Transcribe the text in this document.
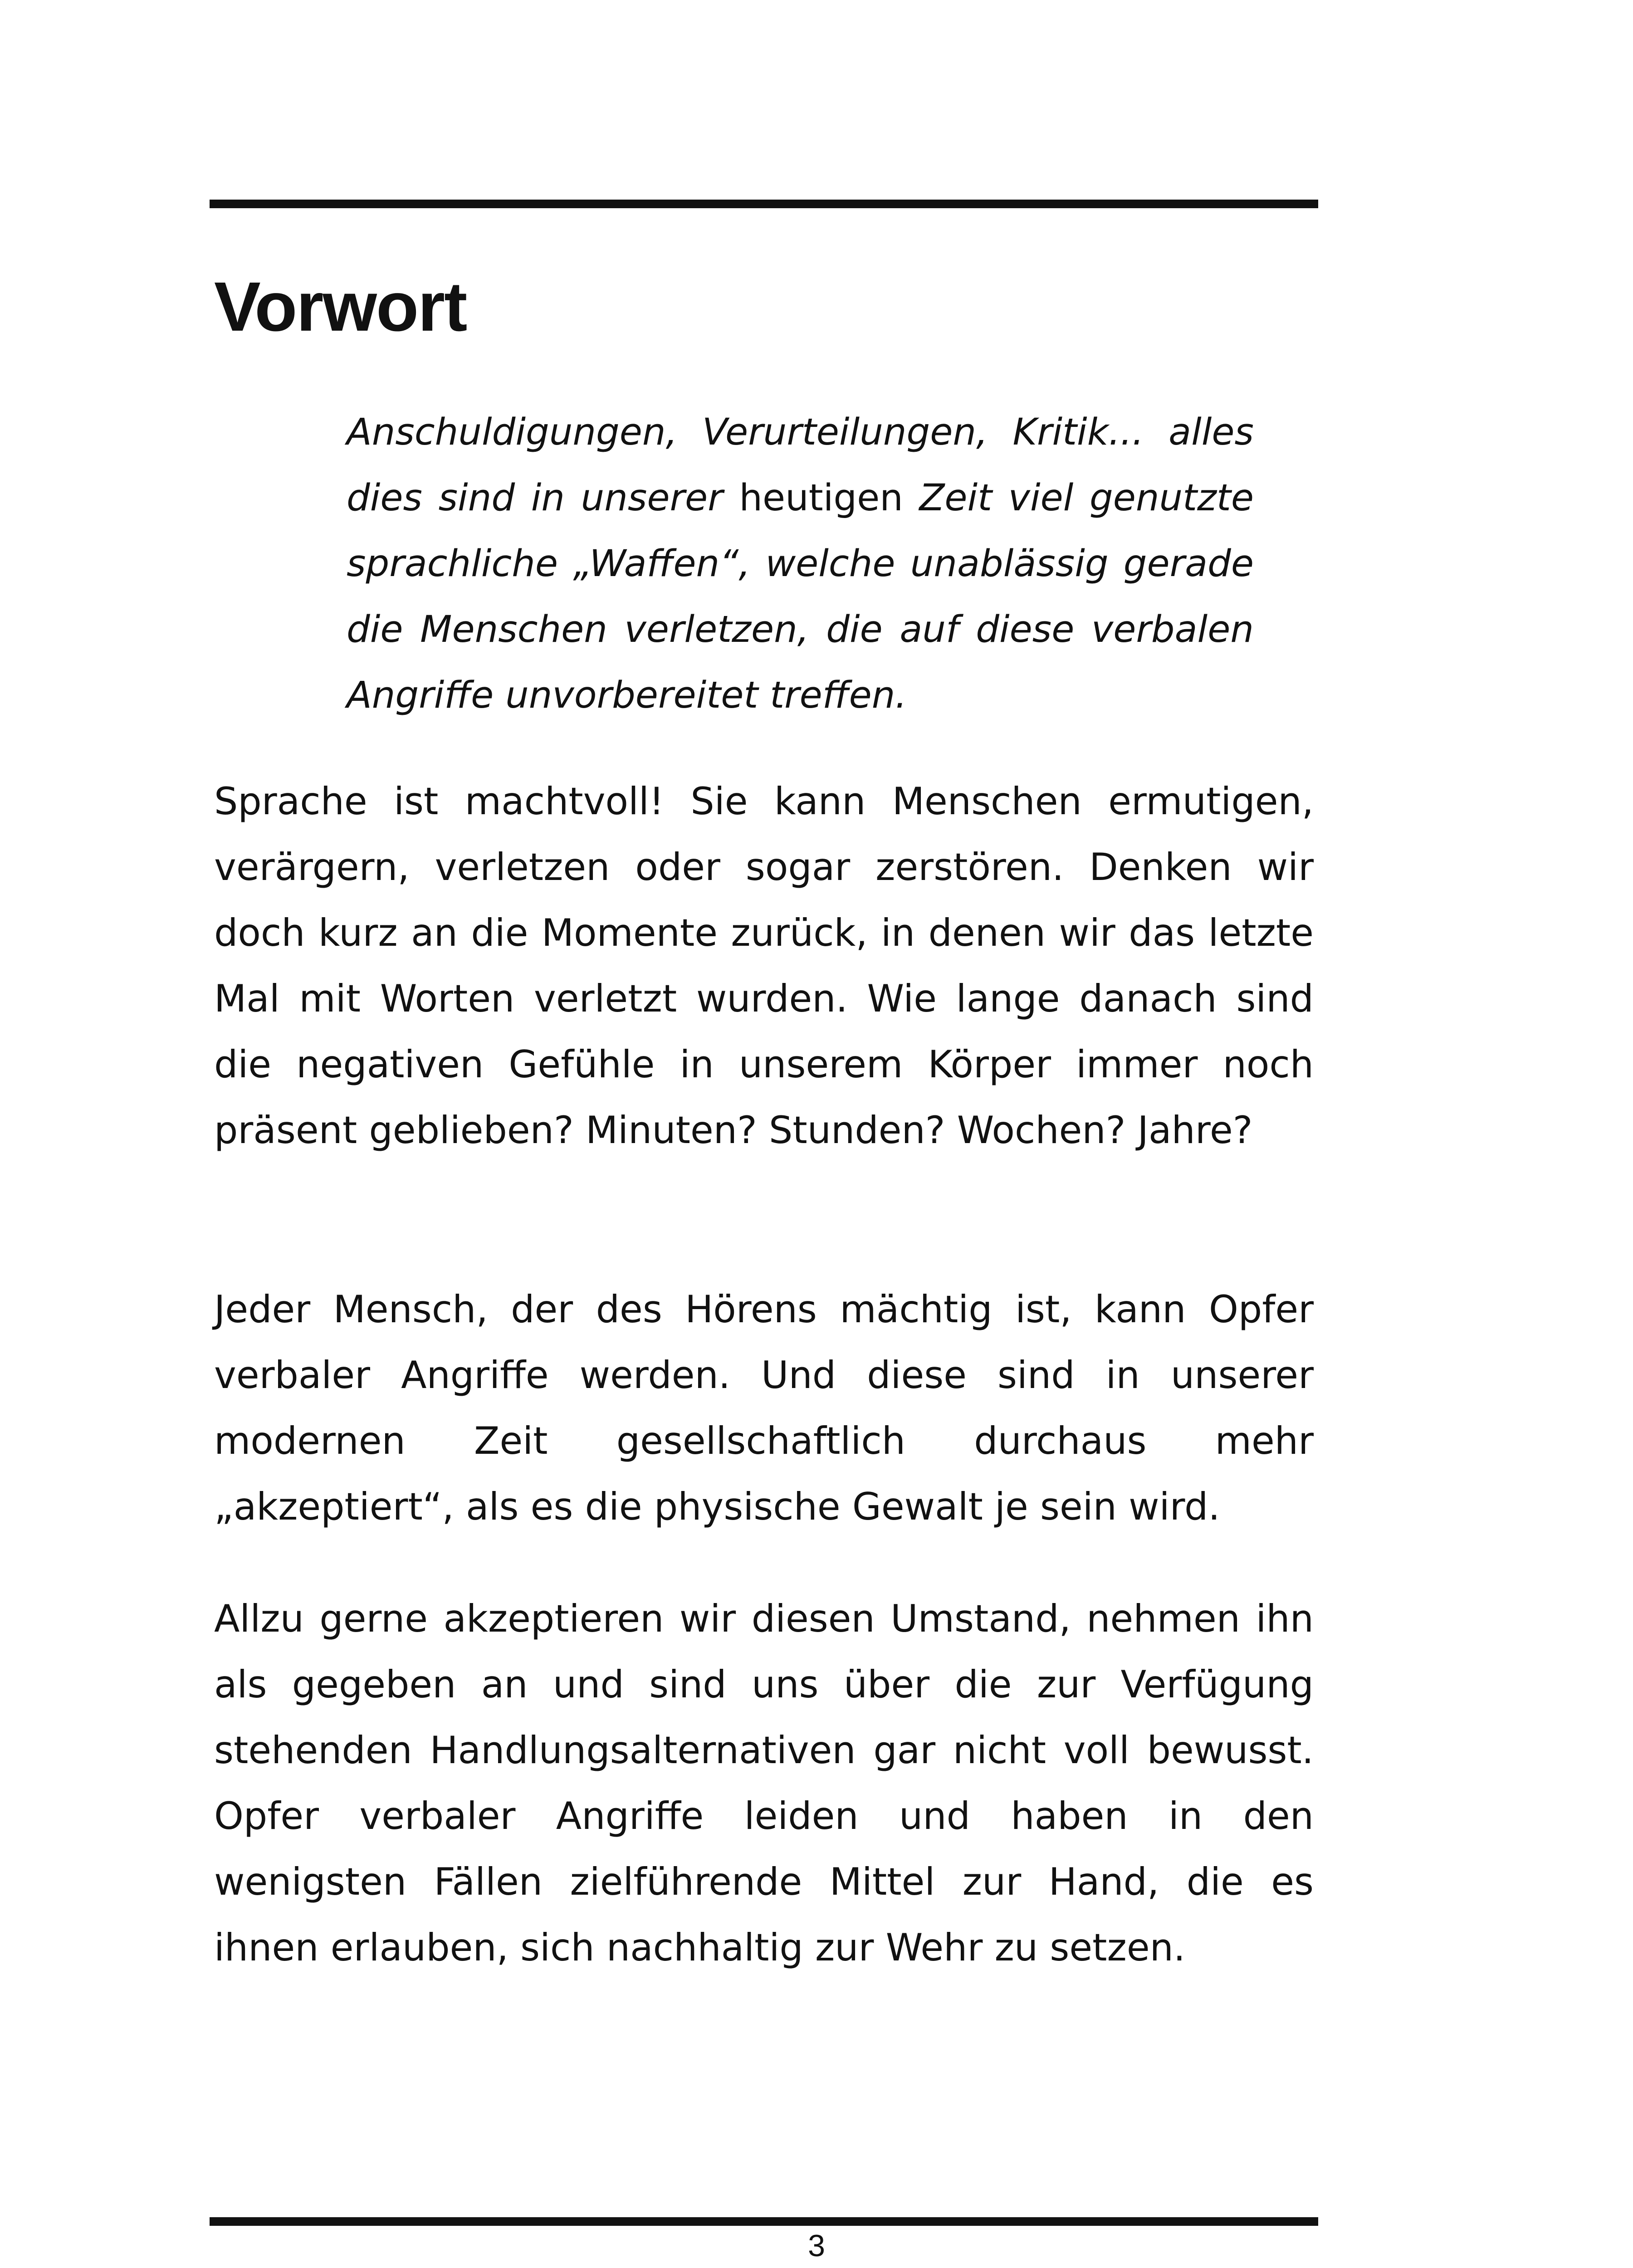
Vorwort

Anschuldigungen, Verurteilungen, Kritik... alles dies sind in unserer heutigen Zeit viel genutzte sprachliche „Waffen“, welche unablässig gerade die Menschen verletzen, die auf diese verbalen Angriffe unvorbereitet treffen.

Sprache ist machtvoll! Sie kann Menschen ermutigen, verärgern, verletzen oder sogar zerstören. Denken wir doch kurz an die Momente zurück, in denen wir das letzte Mal mit Worten verletzt wurden. Wie lange danach sind die negativen Gefühle in unserem Körper immer noch präsent geblieben? Minuten? Stunden? Wochen? Jahre?

Jeder Mensch, der des Hörens mächtig ist, kann Opfer verbaler Angriffe werden. Und diese sind in unserer modernen Zeit gesellschaftlich durchaus mehr „akzeptiert“, als es die physische Gewalt je sein wird.

Allzu gerne akzeptieren wir diesen Umstand, nehmen ihn als gegeben an und sind uns über die zur Verfügung stehenden Handlungsalternativen gar nicht voll bewusst. Opfer verbaler Angriffe leiden und haben in den wenigsten Fällen zielführende Mittel zur Hand, die es ihnen erlauben, sich nachhaltig zur Wehr zu setzen.

3
